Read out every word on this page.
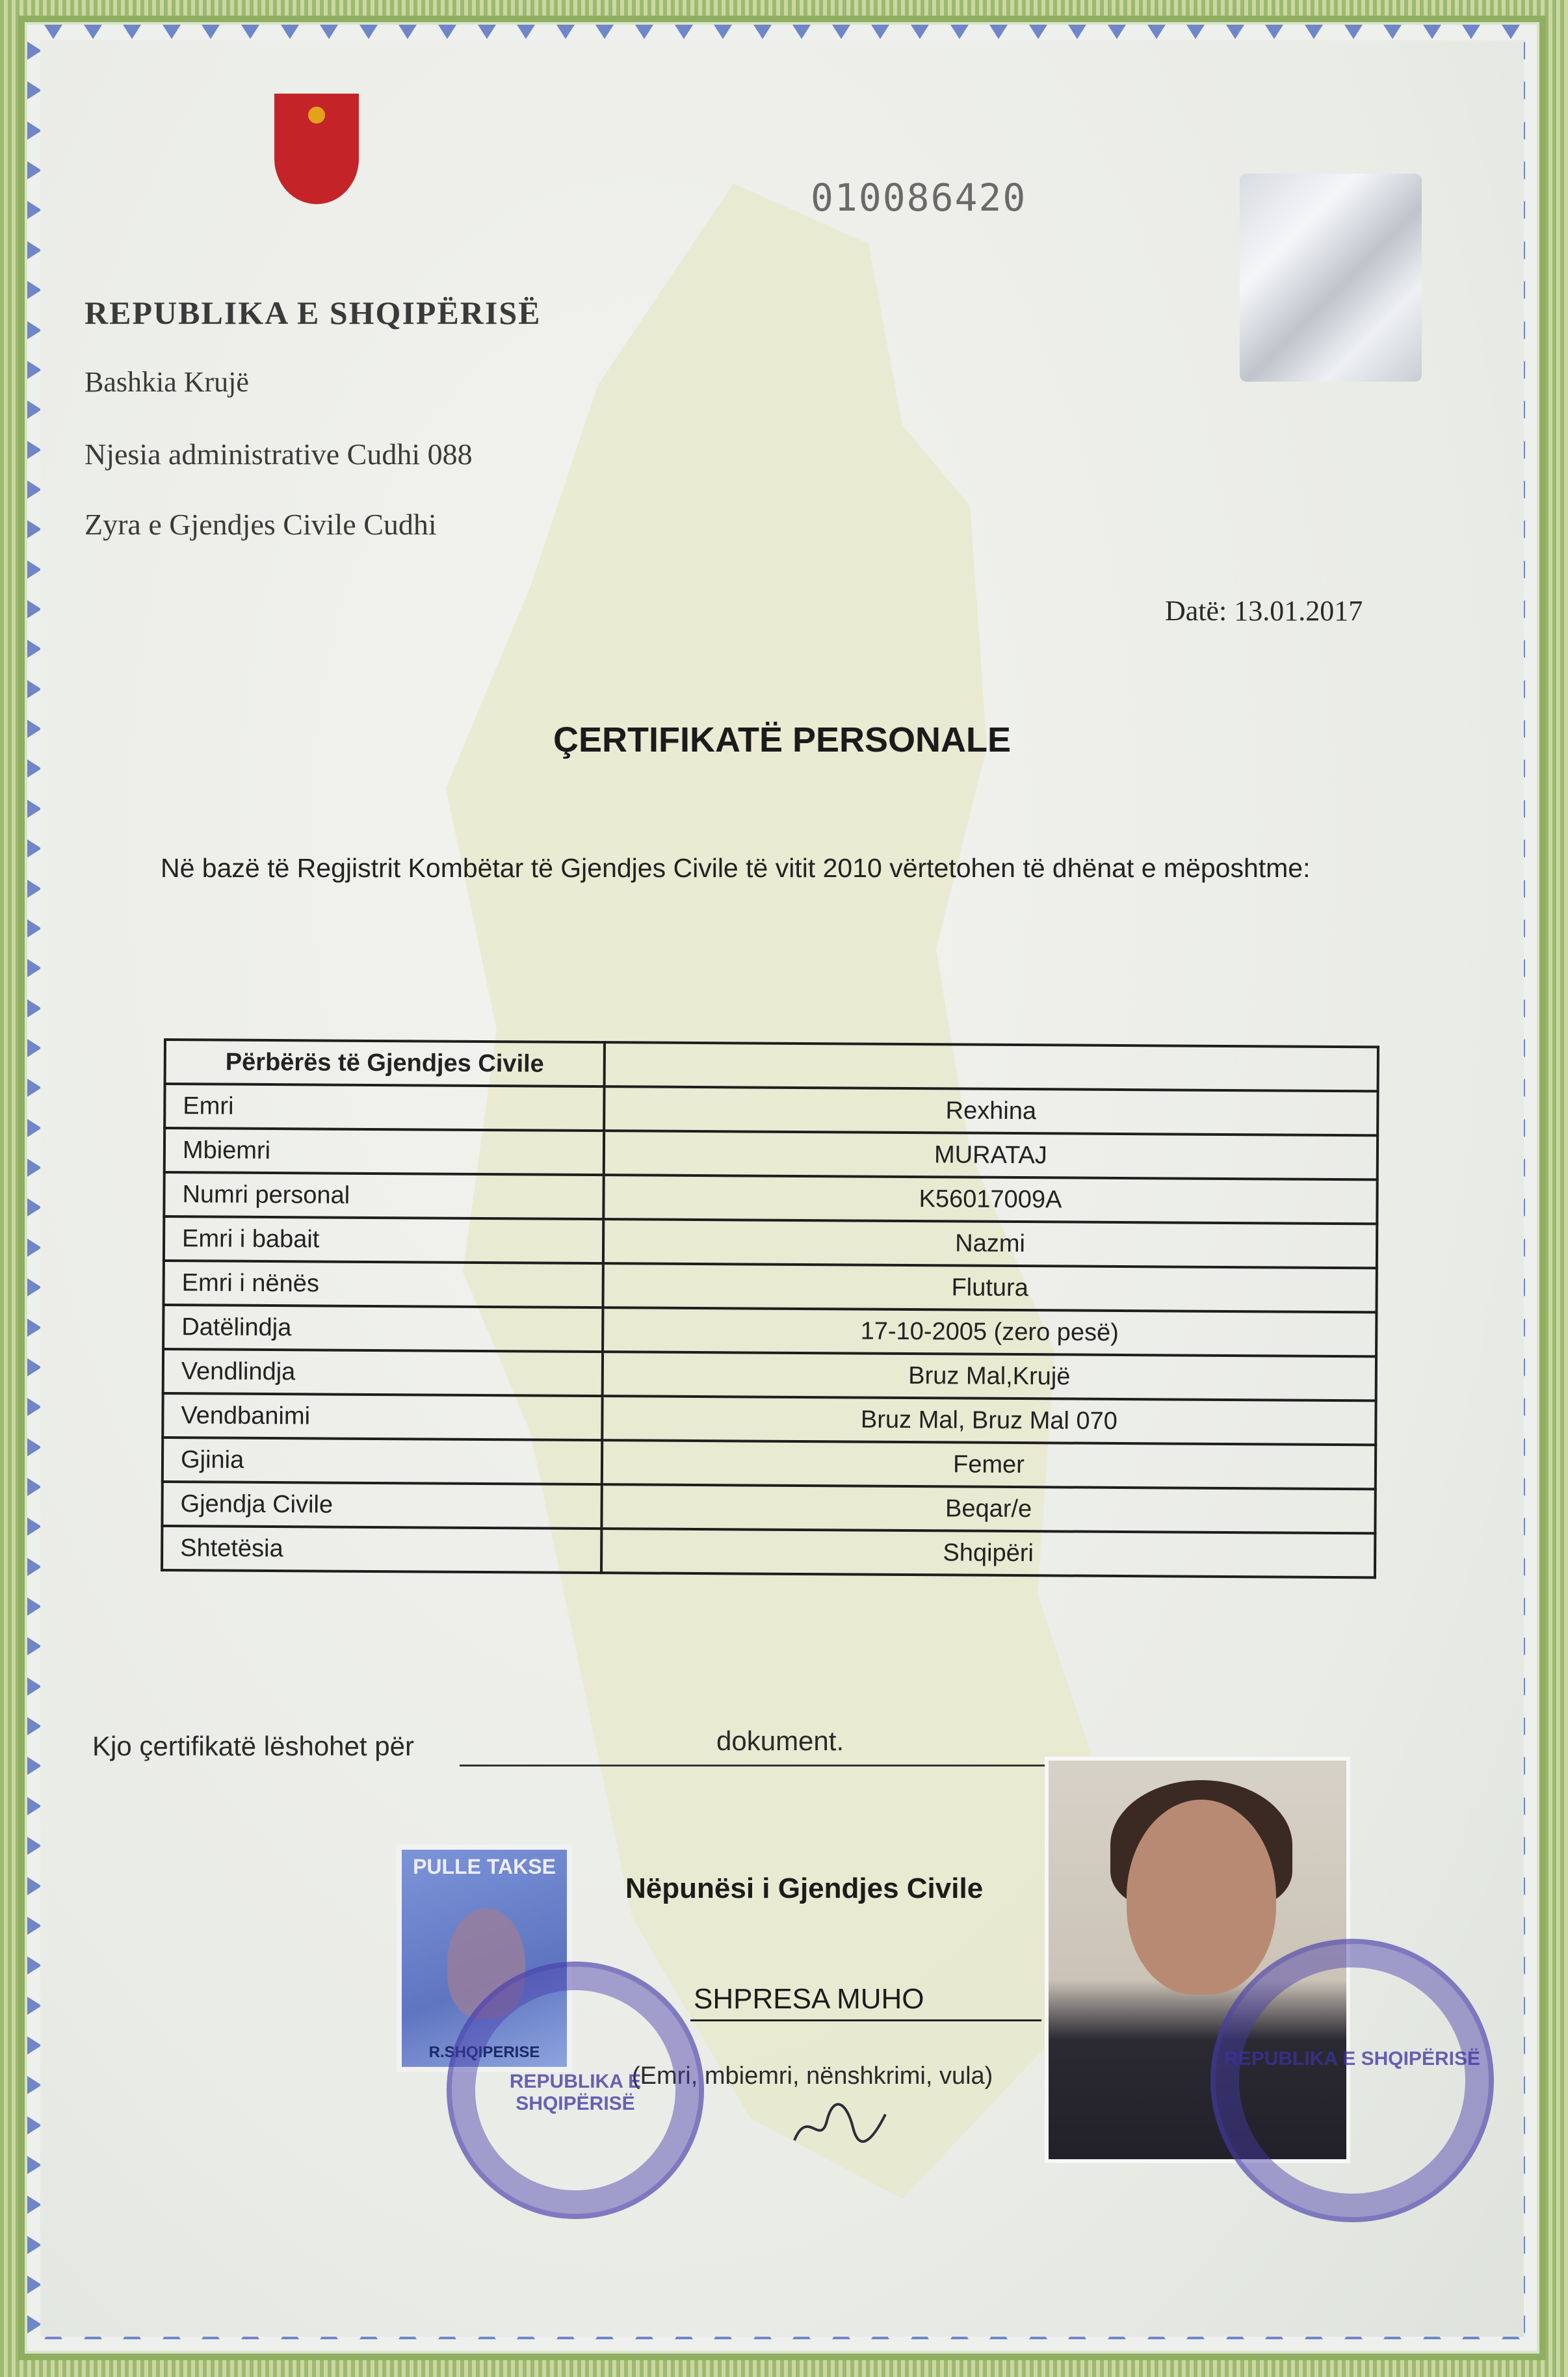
010086420
REPUBLIKA E SHQIPËRISË
Bashkia Krujë
Njesia administrative Cudhi 088
Zyra e Gjendjes Civile Cudhi
Datë: 13.01.2017
ÇERTIFIKATË PERSONALE
Në bazë të Regjistrit Kombëtar të Gjendjes Civile të vitit 2010 vërtetohen të dhënat e mëposhtme:
Përbërës të Gjendjes Civile	
Emri	Rexhina
Mbiemri	MURATAJ
Numri personal	K56017009A
Emri i babait	Nazmi
Emri i nënës	Flutura
Datëlindja	17-10-2005 (zero pesë)
Vendlindja	Bruz Mal,Krujë
Vendbanimi	Bruz Mal, Bruz Mal 070
Gjinia	Femer
Gjendja Civile	Beqar/e
Shtetësia	Shqipëri
Kjo çertifikatë lëshohet për	dokument.
Nëpunësi i Gjendjes Civile
SHPRESA MUHO
(Emri, mbiemri, nënshkrimi, vula)
PULLE TAKSE
R.SHQIPERISE
REPUBLIKA E SHQIPËRISË
REPUBLIKA E SHQIPËRISË
